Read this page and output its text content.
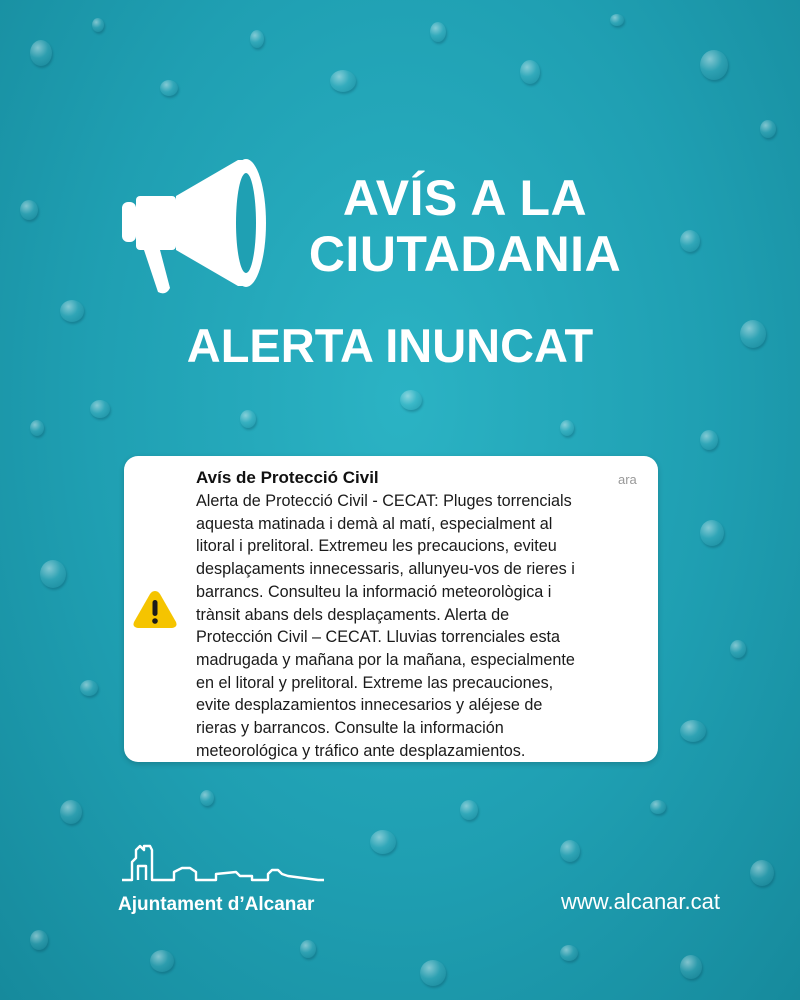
AVÍS A LA
CIUTADANIA
ALERTA INUNCAT
Avís de Protecció Civil	ara
Alerta de Protecció Civil - CECAT: Pluges torrencials
aquesta matinada i demà al matí, especialment al
litoral i prelitoral. Extremeu les precaucions, eviteu
desplaçaments innecessaris, allunyeu-vos de rieres i
barrancs. Consulteu la informació meteorològica i
trànsit abans dels desplaçaments. Alerta de
Protección Civil – CECAT. Lluvias torrenciales esta
madrugada y mañana por la mañana, especialmente
en el litoral y prelitoral. Extreme las precauciones,
evite desplazamientos innecesarios y aléjese de
rieras y barrancos. Consulte la información
meteorológica y tráfico ante desplazamientos.
Ajuntament d’Alcanar	www.alcanar.cat
